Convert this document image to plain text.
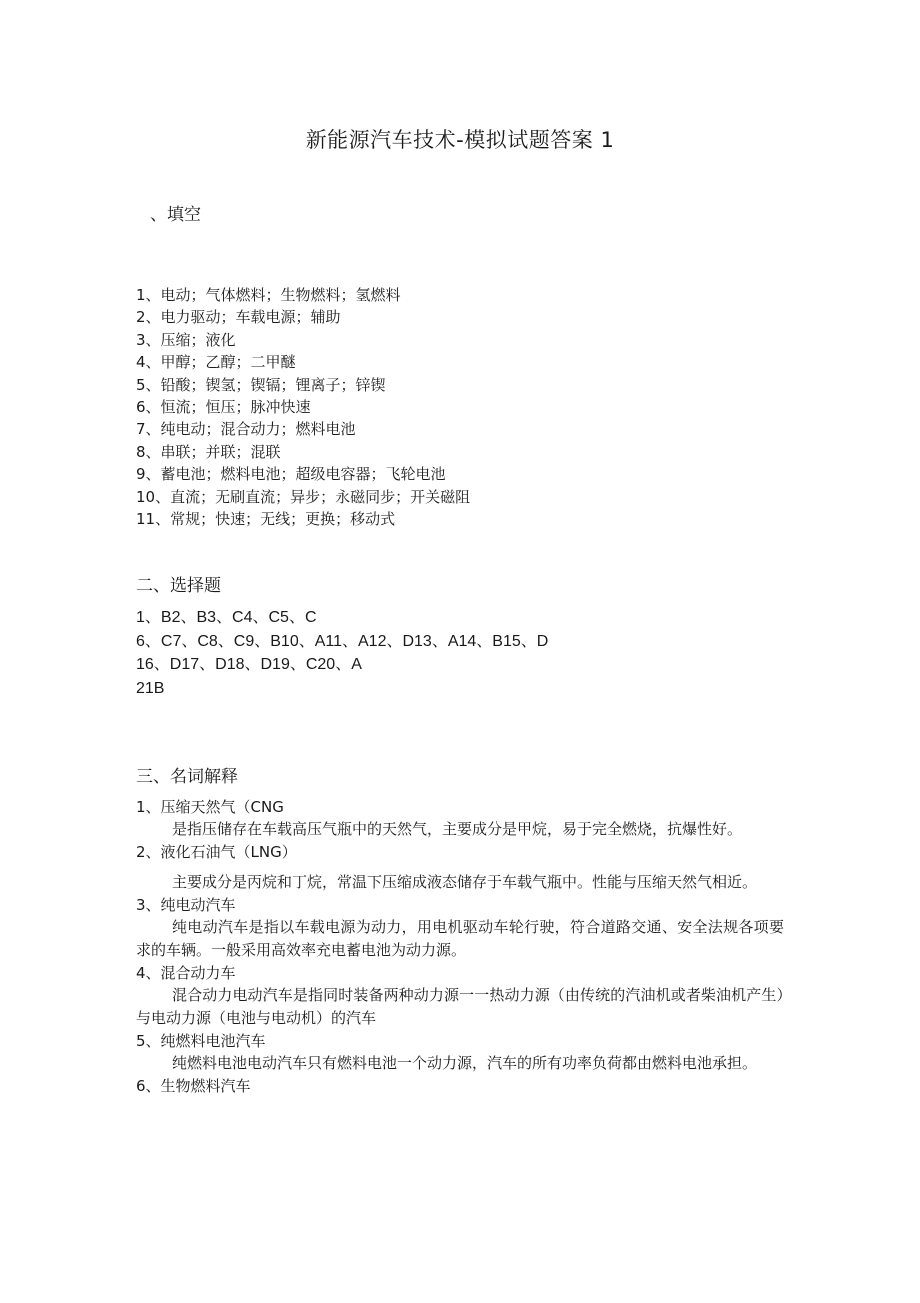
新能源汽车技术-模拟试题答案 1
、填空
1、电动；气体燃料；生物燃料；氢燃料
2、电力驱动；车载电源；辅助
3、压缩；液化
4、甲醇；乙醇；二甲醚
5、铅酸；锲氢；锲镉；锂离子；锌锲
6、恒流；恒压；脉冲快速
7、纯电动；混合动力；燃料电池
8、串联；并联；混联
9、蓄电池；燃料电池；超级电容器；飞轮电池
10、直流；无刷直流；异步；永磁同步；开关磁阻
11、常规；快速；无线；更换；移动式
二、选择题
1、B2、B3、C4、C5、C
6、C7、C8、C9、B10、A11、A12、D13、A14、B15、D
16、D17、D18、D19、C20、A
21B
三、名词解释
1、压缩天然气（CNG
是指压储存在车载高压气瓶中的天然气，主要成分是甲烷，易于完全燃烧，抗爆性好。
2、液化石油气（LNG）
主要成分是丙烷和丁烷，常温下压缩成液态储存于车载气瓶中。性能与压缩天然气相近。
3、纯电动汽车
纯电动汽车是指以车载电源为动力，用电机驱动车轮行驶，符合道路交通、安全法规各项要求的车辆。一般采用高效率充电蓄电池为动力源。
4、混合动力车
混合动力电动汽车是指同时装备两种动力源一一热动力源（由传统的汽油机或者柴油机产生）与电动力源（电池与电动机）的汽车
5、纯燃料电池汽车
纯燃料电池电动汽车只有燃料电池一个动力源，汽车的所有功率负荷都由燃料电池承担。
6、生物燃料汽车
